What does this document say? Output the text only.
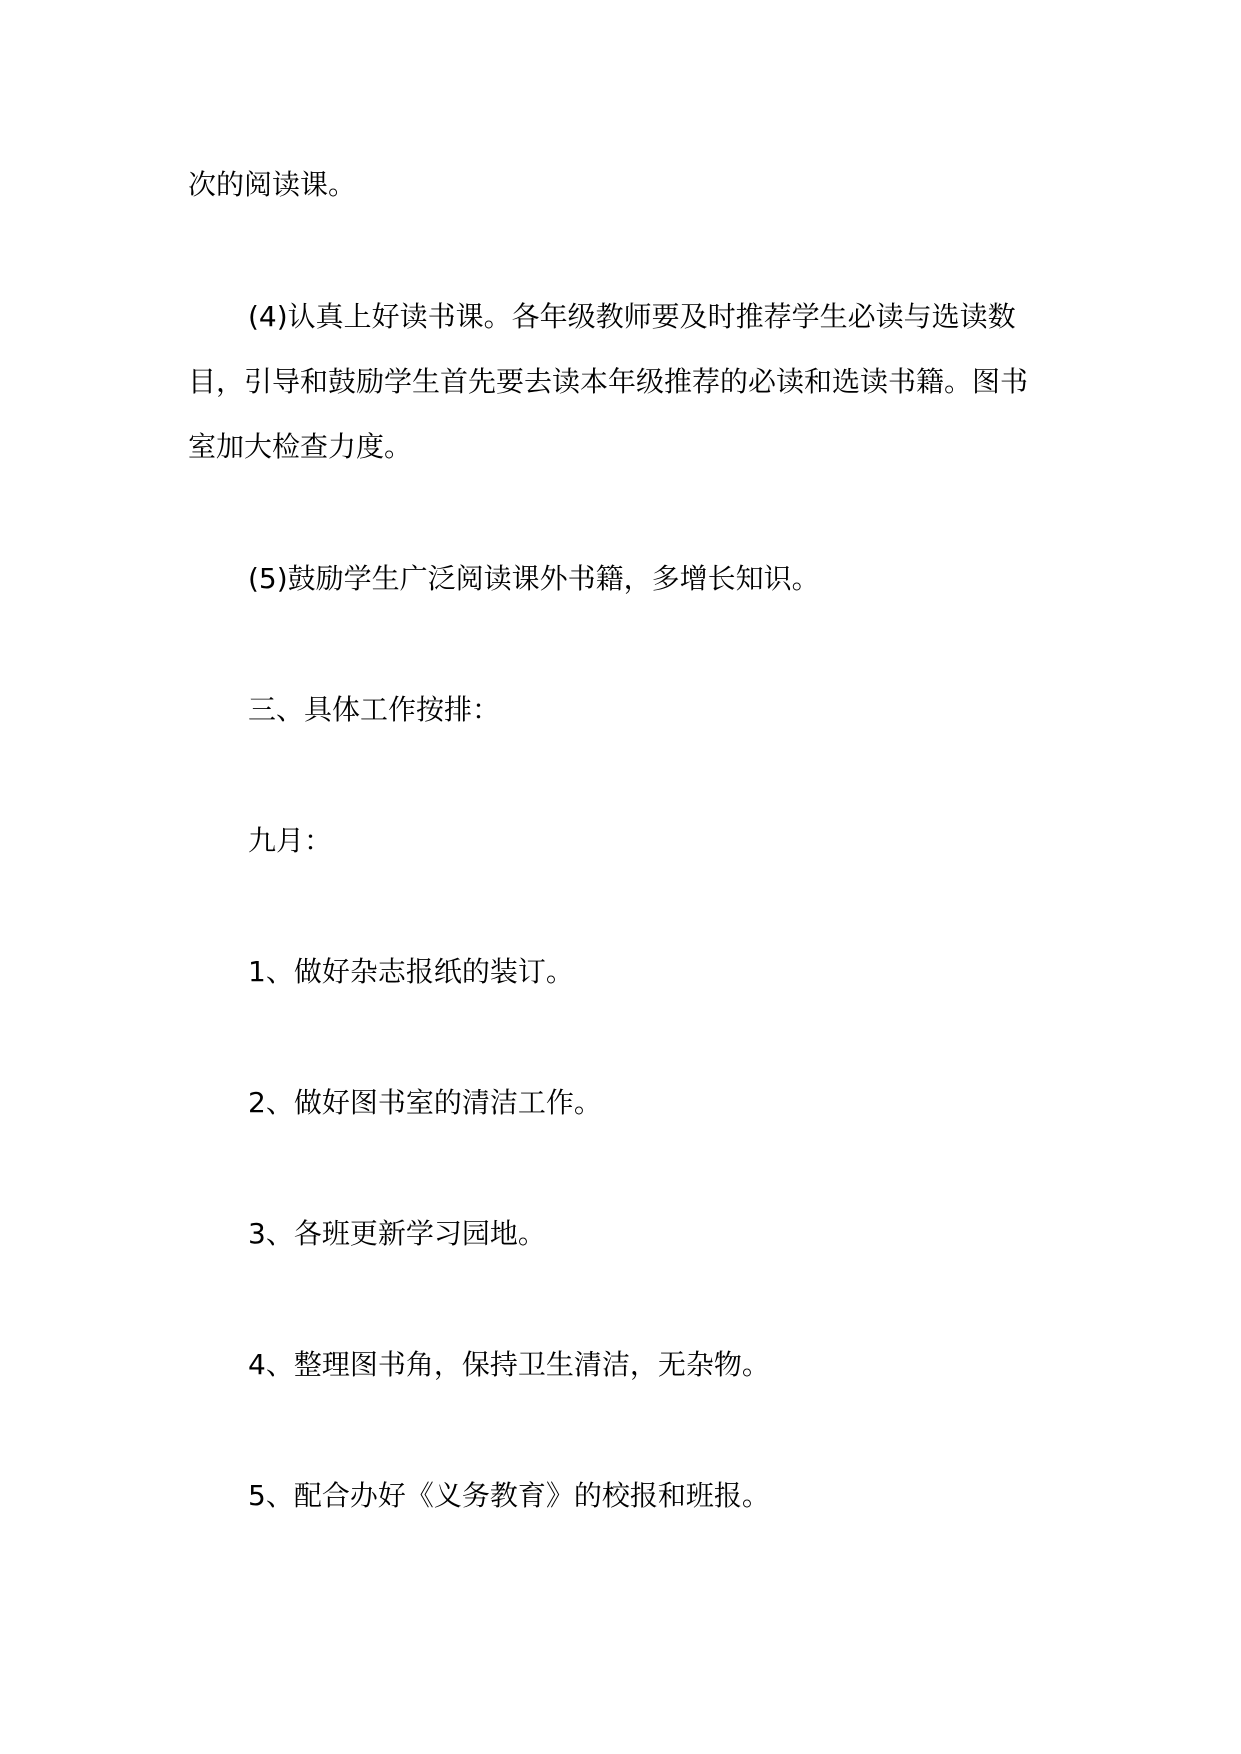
次的阅读课。
(4)认真上好读书课。各年级教师要及时推荐学生必读与选读数
目，引导和鼓励学生首先要去读本年级推荐的必读和选读书籍。图书
室加大检查力度。
(5)鼓励学生广泛阅读课外书籍，多增长知识。
三、具体工作按排：
九月：
1、做好杂志报纸的装订。
2、做好图书室的清洁工作。
3、各班更新学习园地。
4、整理图书角，保持卫生清洁，无杂物。
5、配合办好《义务教育》的校报和班报。
